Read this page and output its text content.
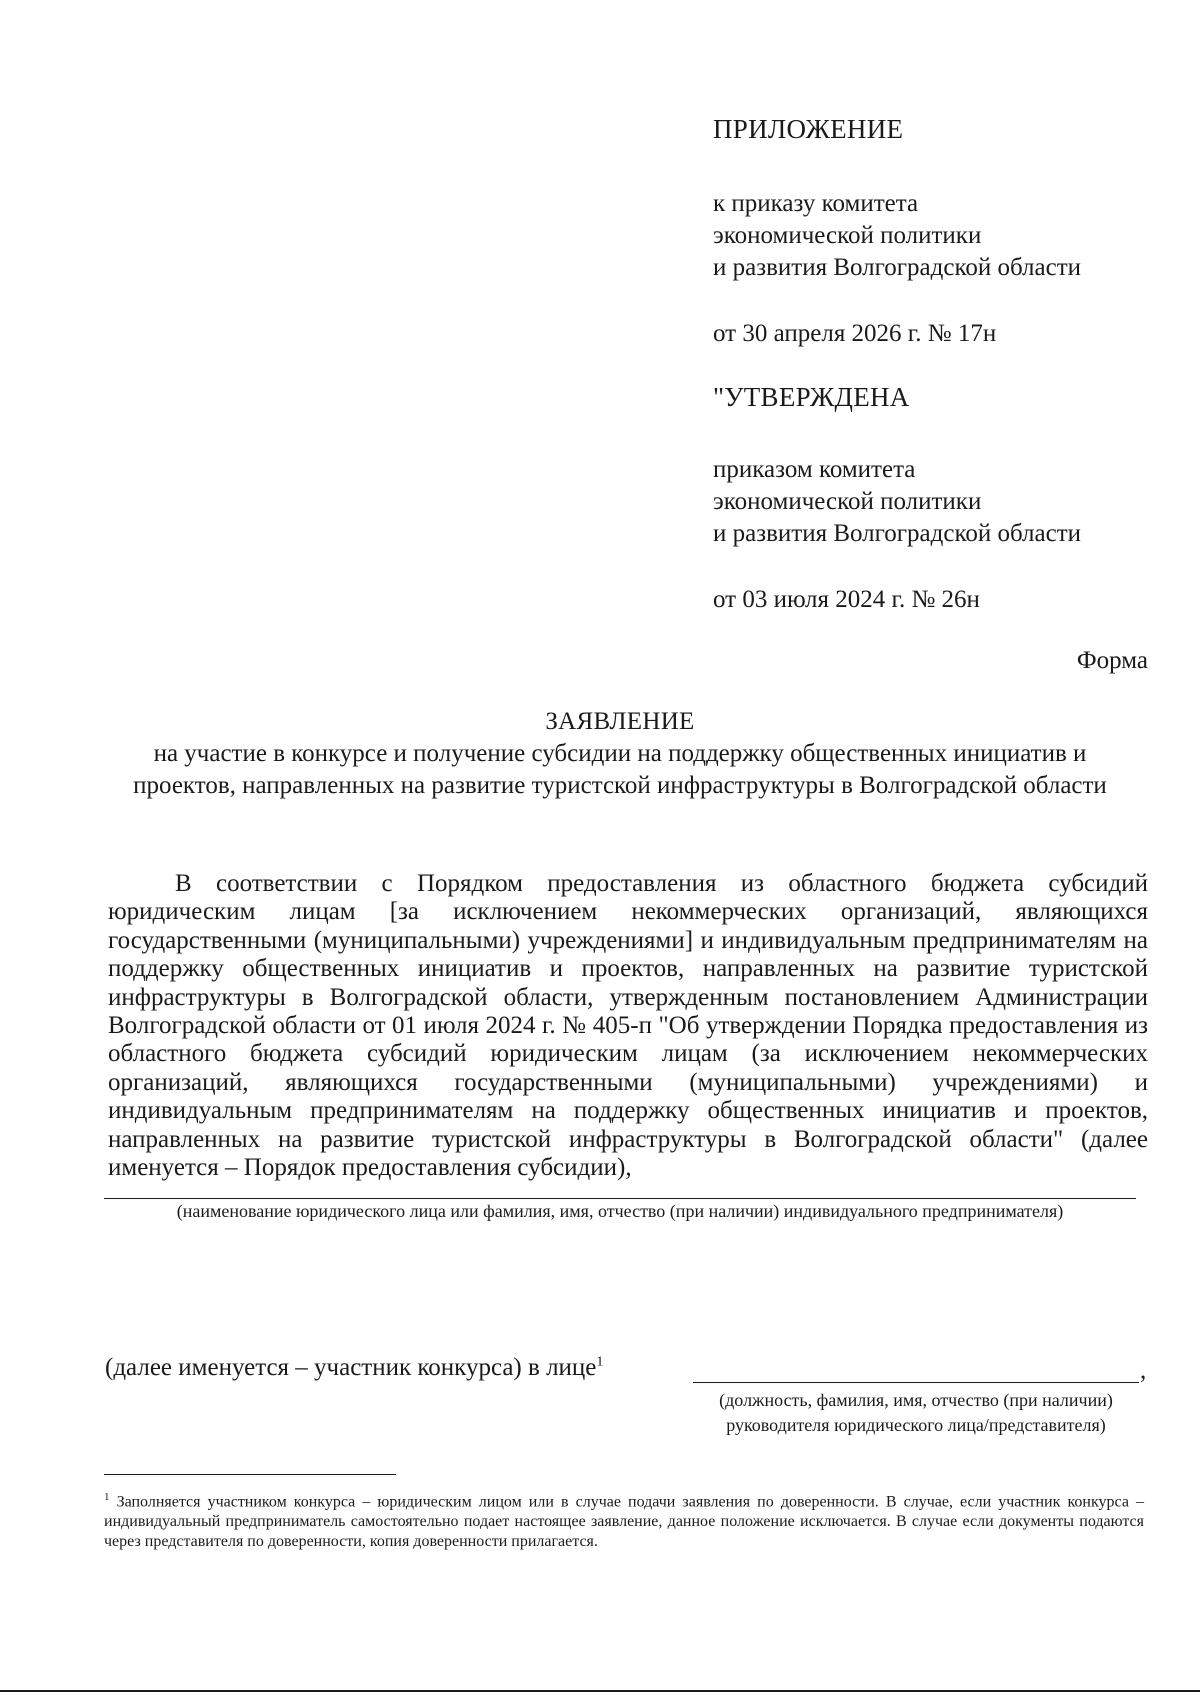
ПРИЛОЖЕНИЕ
к приказу комитета
экономической политики
и развития Волгоградской области
от 30 апреля 2026 г. № 17н
"УТВЕРЖДЕНА
приказом комитета
экономической политики
и развития Волгоградской области
от 03 июля 2024 г. № 26н
Форма
ЗАЯВЛЕНИЕ
на участие в конкурсе и получение субсидии на поддержку общественных инициатив и проектов, направленных на развитие туристской инфраструктуры в Волгоградской области

В соответствии с Порядком предоставления из областного бюджета субсидий юридическим лицам [за исключением некоммерческих организаций, являющихся государственными (муниципальными) учреждениями] и индивидуальным предпринимателям на поддержку общественных инициатив и проектов, направленных на развитие туристской инфраструктуры в Волгоградской области, утвержденным постановлением Администрации Волгоградской области от 01 июля 2024 г. № 405-п "Об утверждении Порядка предоставления из областного бюджета субсидий юридическим лицам (за исключением некоммерческих организаций, являющихся государственными (муниципальными) учреждениями) и индивидуальным предпринимателям на поддержку общественных инициатив и проектов, направленных на развитие туристской инфраструктуры в Волгоградской области" (далее именуется – Порядок предоставления субсидии),

(наименование юридического лица или фамилия, имя, отчество (при наличии) индивидуального предпринимателя)
(далее именуется – участник конкурса) в лице$^1$	,
(должность, фамилия, имя, отчество (при наличии) руководителя юридического лица/представителя)
$^1$ Заполняется участником конкурса – юридическим лицом или в случае подачи заявления по доверенности. В случае, если участник конкурса – индивидуальный предприниматель самостоятельно подает настоящее заявление, данное положение исключается. В случае если документы подаются через представителя по доверенности, копия доверенности прилагается.
